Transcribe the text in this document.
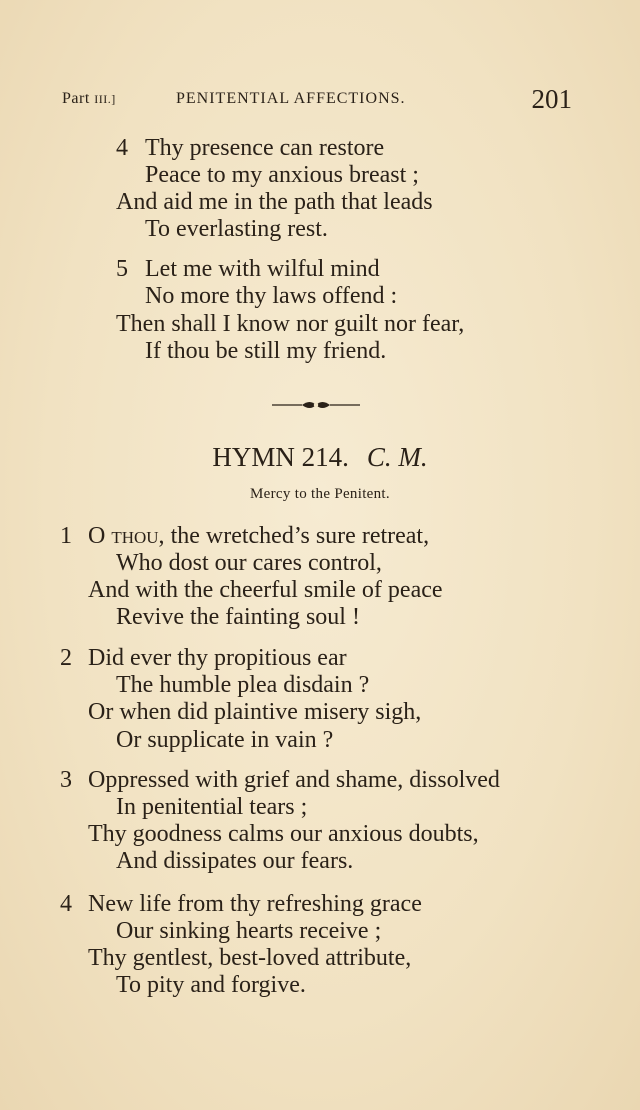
Part III.]	PENITENTIAL AFFECTIONS.	201
4 Thy presence can restore
Peace to my anxious breast ;
And aid me in the path that leads
To everlasting rest.
5 Let me with wilful mind
No more thy laws offend :
Then shall I know nor guilt nor fear,
If thou be still my friend.
HYMN 214. C. M.
Mercy to the Penitent.
1 O thou, the wretched’s sure retreat,
Who dost our cares control,
And with the cheerful smile of peace
Revive the fainting soul !
2 Did ever thy propitious ear
The humble plea disdain ?
Or when did plaintive misery sigh,
Or supplicate in vain ?
3 Oppressed with grief and shame, dissolved
In penitential tears ;
Thy goodness calms our anxious doubts,
And dissipates our fears.
4 New life from thy refreshing grace
Our sinking hearts receive ;
Thy gentlest, best-loved attribute,
To pity and forgive.
